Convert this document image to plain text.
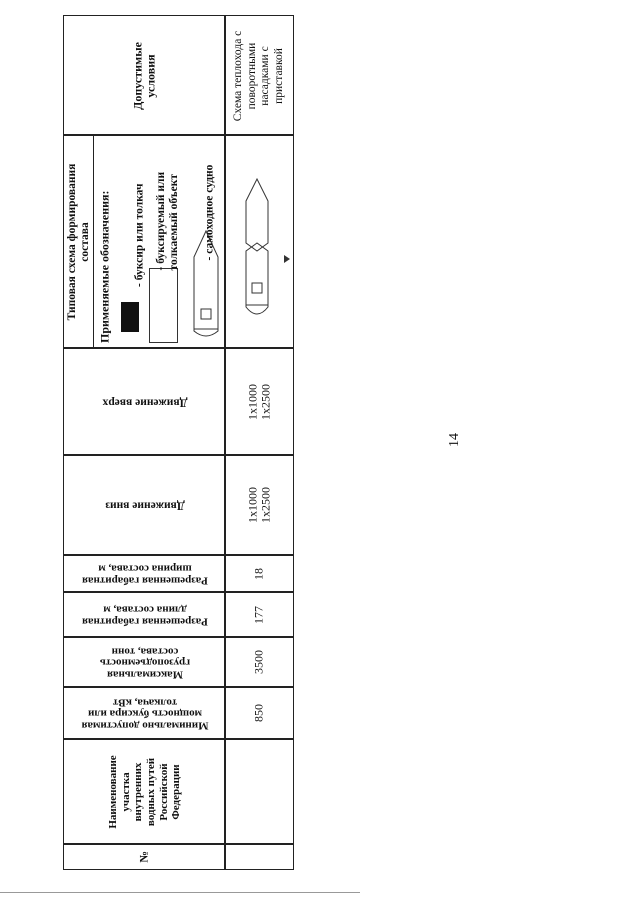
14
Допустимые условия
Типовая схема формирования состава Применяемые обозначения: - буксир или толкач - буксируемый или толкаемый объект - самоходное судно
Движение вверх
Движение вниз
Разрешенная габаритная
ширина состава, м
Разрешенная габаритная
длина состава, м
Максимальная
грузоподъемность
состава, тонн
Минимально допустимая
мощность буксира или
толкача, кВт
Наименование участка внутренних водных путей Российской Федерации
№
Схема теплохода с поворотными насадками с приставкой
1x1000
1x2500
1x1000
1x2500
18
177
3500
850
